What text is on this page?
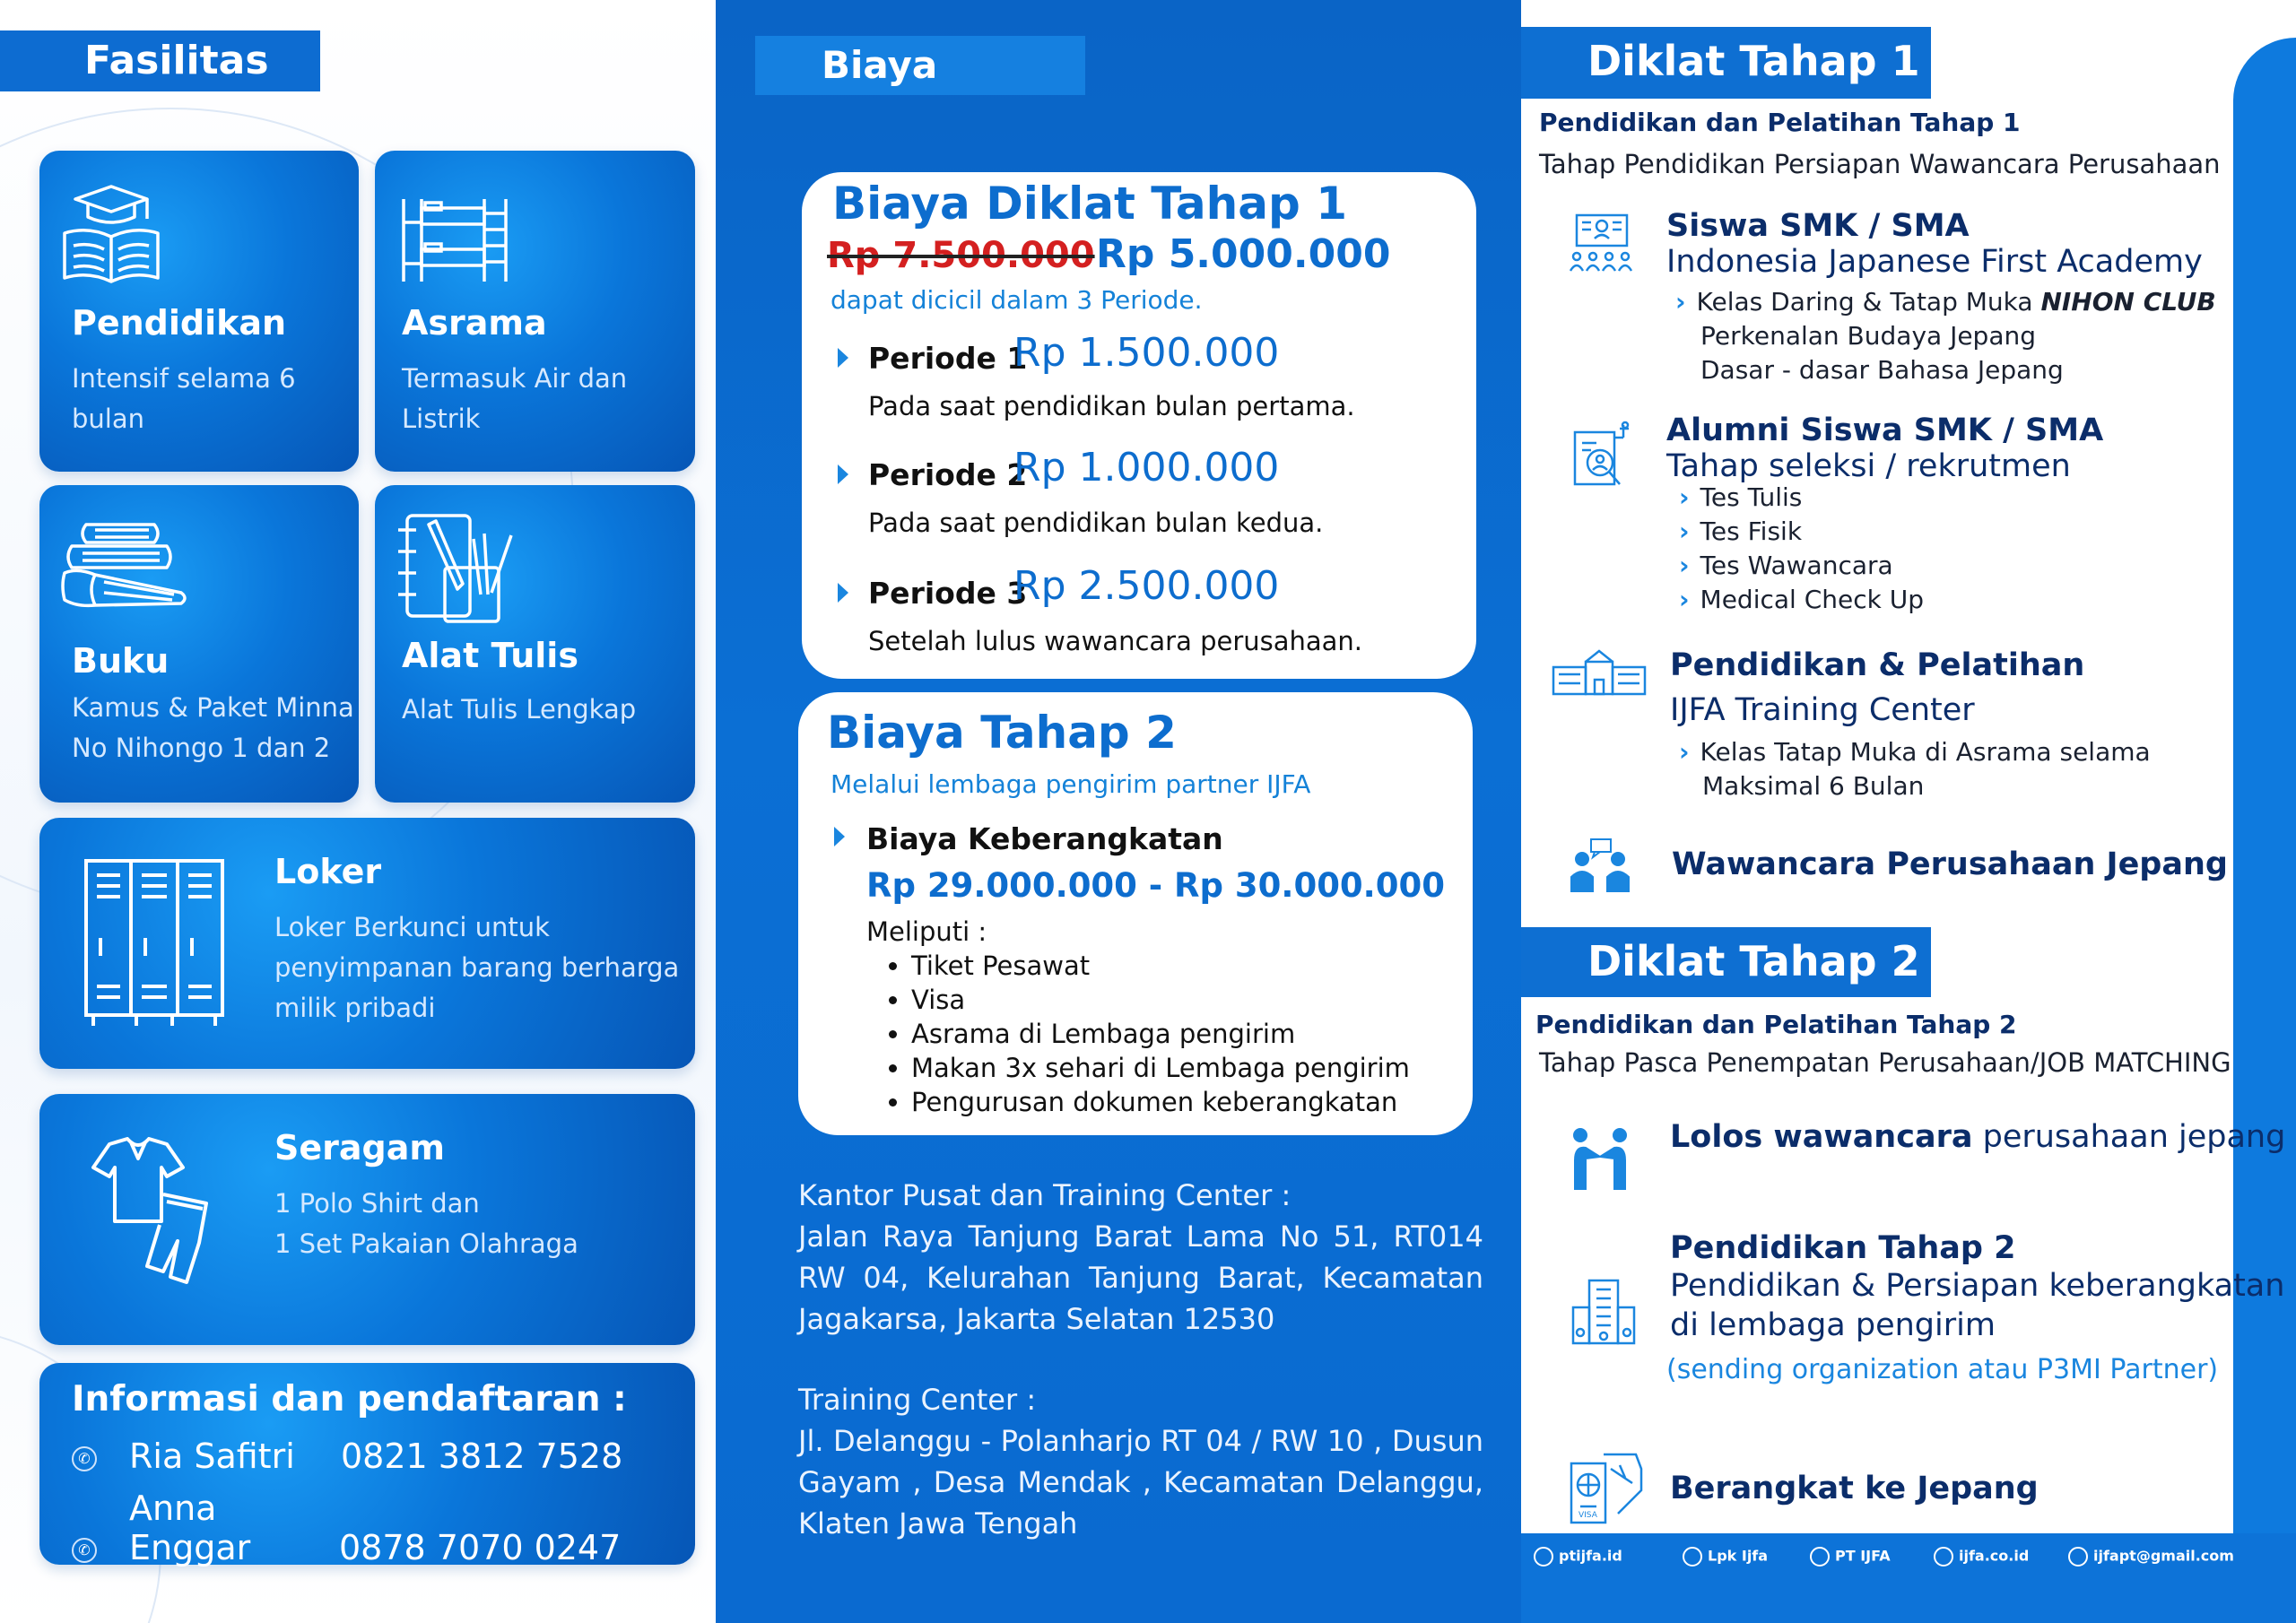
Fasilitas
Pendidikan
Intensif selama 6
bulan
Asrama
Termasuk Air dan
Listrik
Buku
Kamus & Paket Minna
No Nihongo 1 dan 2
Alat Tulis
Alat Tulis Lengkap
Loker
Loker Berkunci untuk
penyimpanan barang berharga
milik pribadi
Seragam
1 Polo Shirt dan
1 Set Pakaian Olahraga
Informasi dan pendaftaran :
✆ Ria Safitri 0821 3812 7528
✆Anna Enggar	0878 7070 0247
Biaya
Biaya Diklat Tahap 1
Rp 7.500.000 Rp 5.000.000
dapat dicicil dalam 3 Periode.
Periode 1
Rp 1.500.000
Pada saat pendidikan bulan pertama.
Periode 2
Rp 1.000.000
Pada saat pendidikan bulan kedua.
Periode 3
Rp 2.500.000
Setelah lulus wawancara perusahaan.
Biaya Tahap 2
Melalui lembaga pengirim partner IJFA
Biaya Keberangkatan
Rp 29.000.000 - Rp 30.000.000
Meliputi :
• Tiket Pesawat
• Visa
• Asrama di Lembaga pengirim
• Makan 3x sehari di Lembaga pengirim
• Pengurusan dokumen keberangkatan
Kantor Pusat dan Training Center :
Jalan Raya Tanjung Barat Lama No 51, RT014 RW 04, Kelurahan Tanjung Barat, Kecamatan Jagakarsa, Jakarta Selatan 12530
Training Center :
Jl. Delanggu - Polanharjo RT 04 / RW 10 , Dusun Gayam , Desa Mendak , Kecamatan Delanggu, Klaten Jawa Tengah
Diklat Tahap 1
Pendidikan dan Pelatihan Tahap 1
Tahap Pendidikan Persiapan Wawancara Perusahaan
Siswa SMK / SMA
Indonesia Japanese First Academy
› Kelas Daring & Tatap Muka NIHON CLUB
Perkenalan Budaya Jepang
Dasar - dasar Bahasa Jepang
Alumni Siswa SMK / SMA
Tahap seleksi / rekrutmen
› Tes Tulis
› Tes Fisik
› Tes Wawancara
› Medical Check Up
Pendidikan & Pelatihan
IJFA Training Center
› Kelas Tatap Muka di Asrama selama
Maksimal 6 Bulan
Wawancara Perusahaan Jepang
Diklat Tahap 2
Pendidikan dan Pelatihan Tahap 2
Tahap Pasca Penempatan Perusahaan/JOB MATCHING
Lolos wawancara perusahaan jepang
Pendidikan Tahap 2
Pendidikan & Persiapan keberangkatan
di lembaga pengirim
(sending organization atau P3MI Partner)
VISA
Berangkat ke Jepang
ptijfa.id	Lpk Ijfa	PT IJFA	ijfa.co.id	ijfapt@gmail.com
